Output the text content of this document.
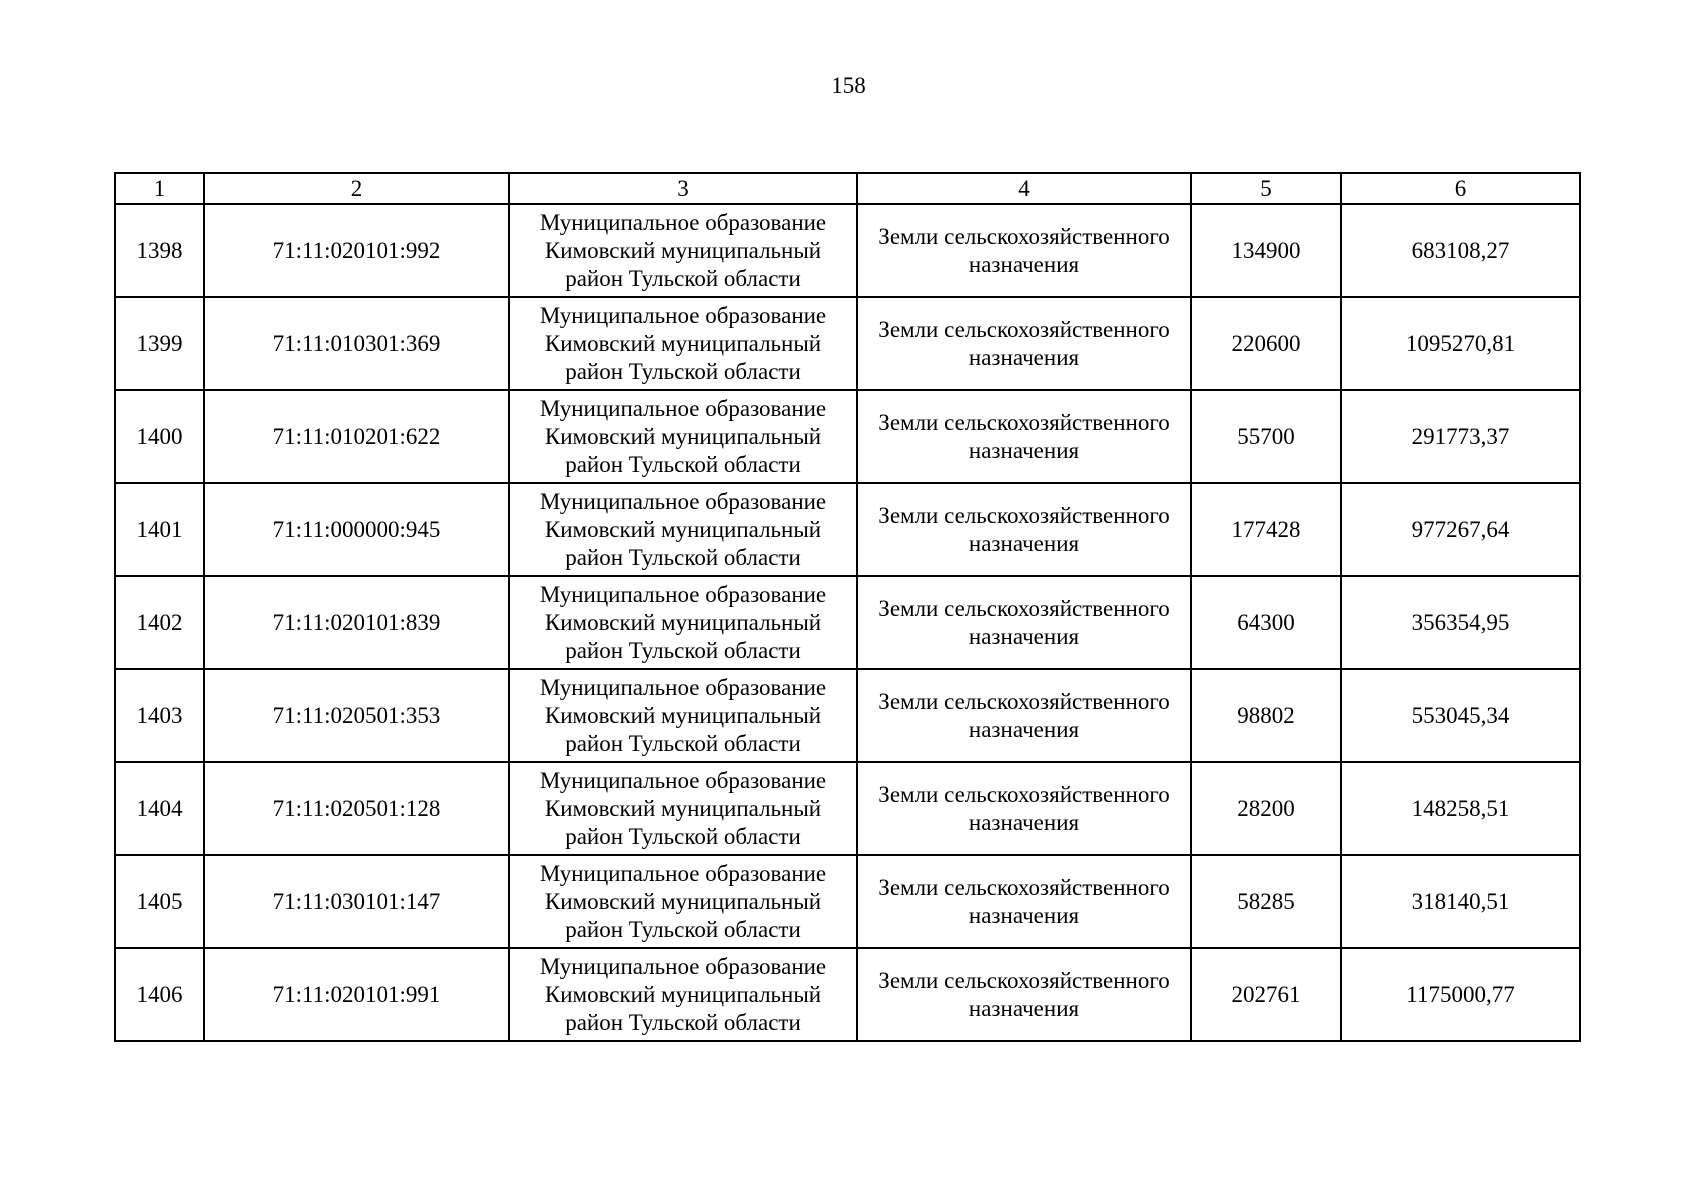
158
1	2	3	4	5	6
1398	71:11:020101:992	Муниципальное образование Кимовский муниципальный район Тульской области	Земли сельскохозяйственного назначения	134900	683108,27
1399	71:11:010301:369	Муниципальное образование Кимовский муниципальный район Тульской области	Земли сельскохозяйственного назначения	220600	1095270,81
1400	71:11:010201:622	Муниципальное образование Кимовский муниципальный район Тульской области	Земли сельскохозяйственного назначения	55700	291773,37
1401	71:11:000000:945	Муниципальное образование Кимовский муниципальный район Тульской области	Земли сельскохозяйственного назначения	177428	977267,64
1402	71:11:020101:839	Муниципальное образование Кимовский муниципальный район Тульской области	Земли сельскохозяйственного назначения	64300	356354,95
1403	71:11:020501:353	Муниципальное образование Кимовский муниципальный район Тульской области	Земли сельскохозяйственного назначения	98802	553045,34
1404	71:11:020501:128	Муниципальное образование Кимовский муниципальный район Тульской области	Земли сельскохозяйственного назначения	28200	148258,51
1405	71:11:030101:147	Муниципальное образование Кимовский муниципальный район Тульской области	Земли сельскохозяйственного назначения	58285	318140,51
1406	71:11:020101:991	Муниципальное образование Кимовский муниципальный район Тульской области	Земли сельскохозяйственного назначения	202761	1175000,77
